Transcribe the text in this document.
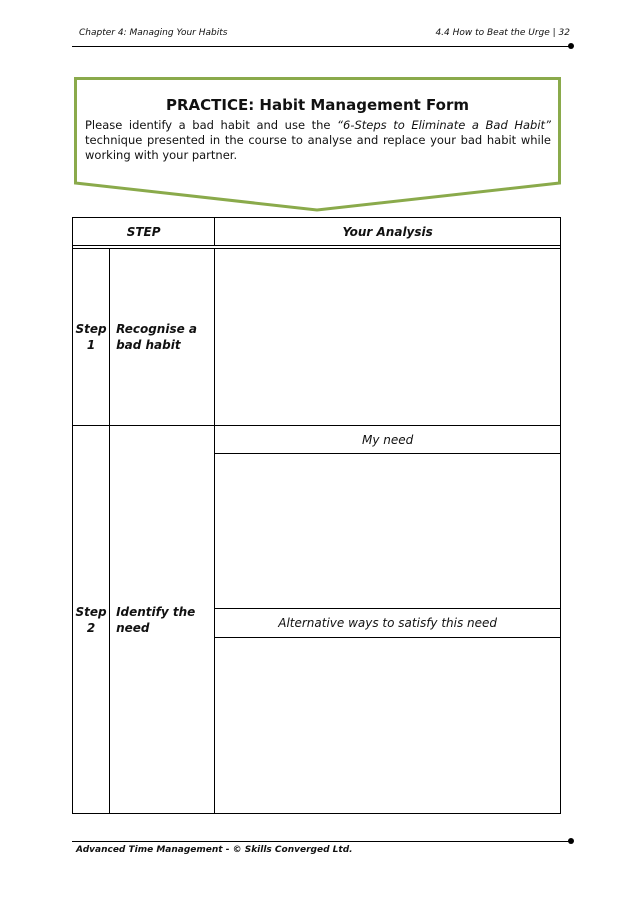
Chapter 4: Managing Your Habits	4.4 How to Beat the Urge | 32
PRACTICE: Habit Management Form
Please identify a bad habit and use the “6-Steps to Eliminate a Bad Habit” technique presented in the course to analyse and replace your bad habit while working with your partner.
STEP		Your Analysis

Step 1	Recognise a bad habit	
Step 2	Identify the need	My need

		Alternative ways to satisfy this need

Advanced Time Management - © Skills Converged Ltd.
